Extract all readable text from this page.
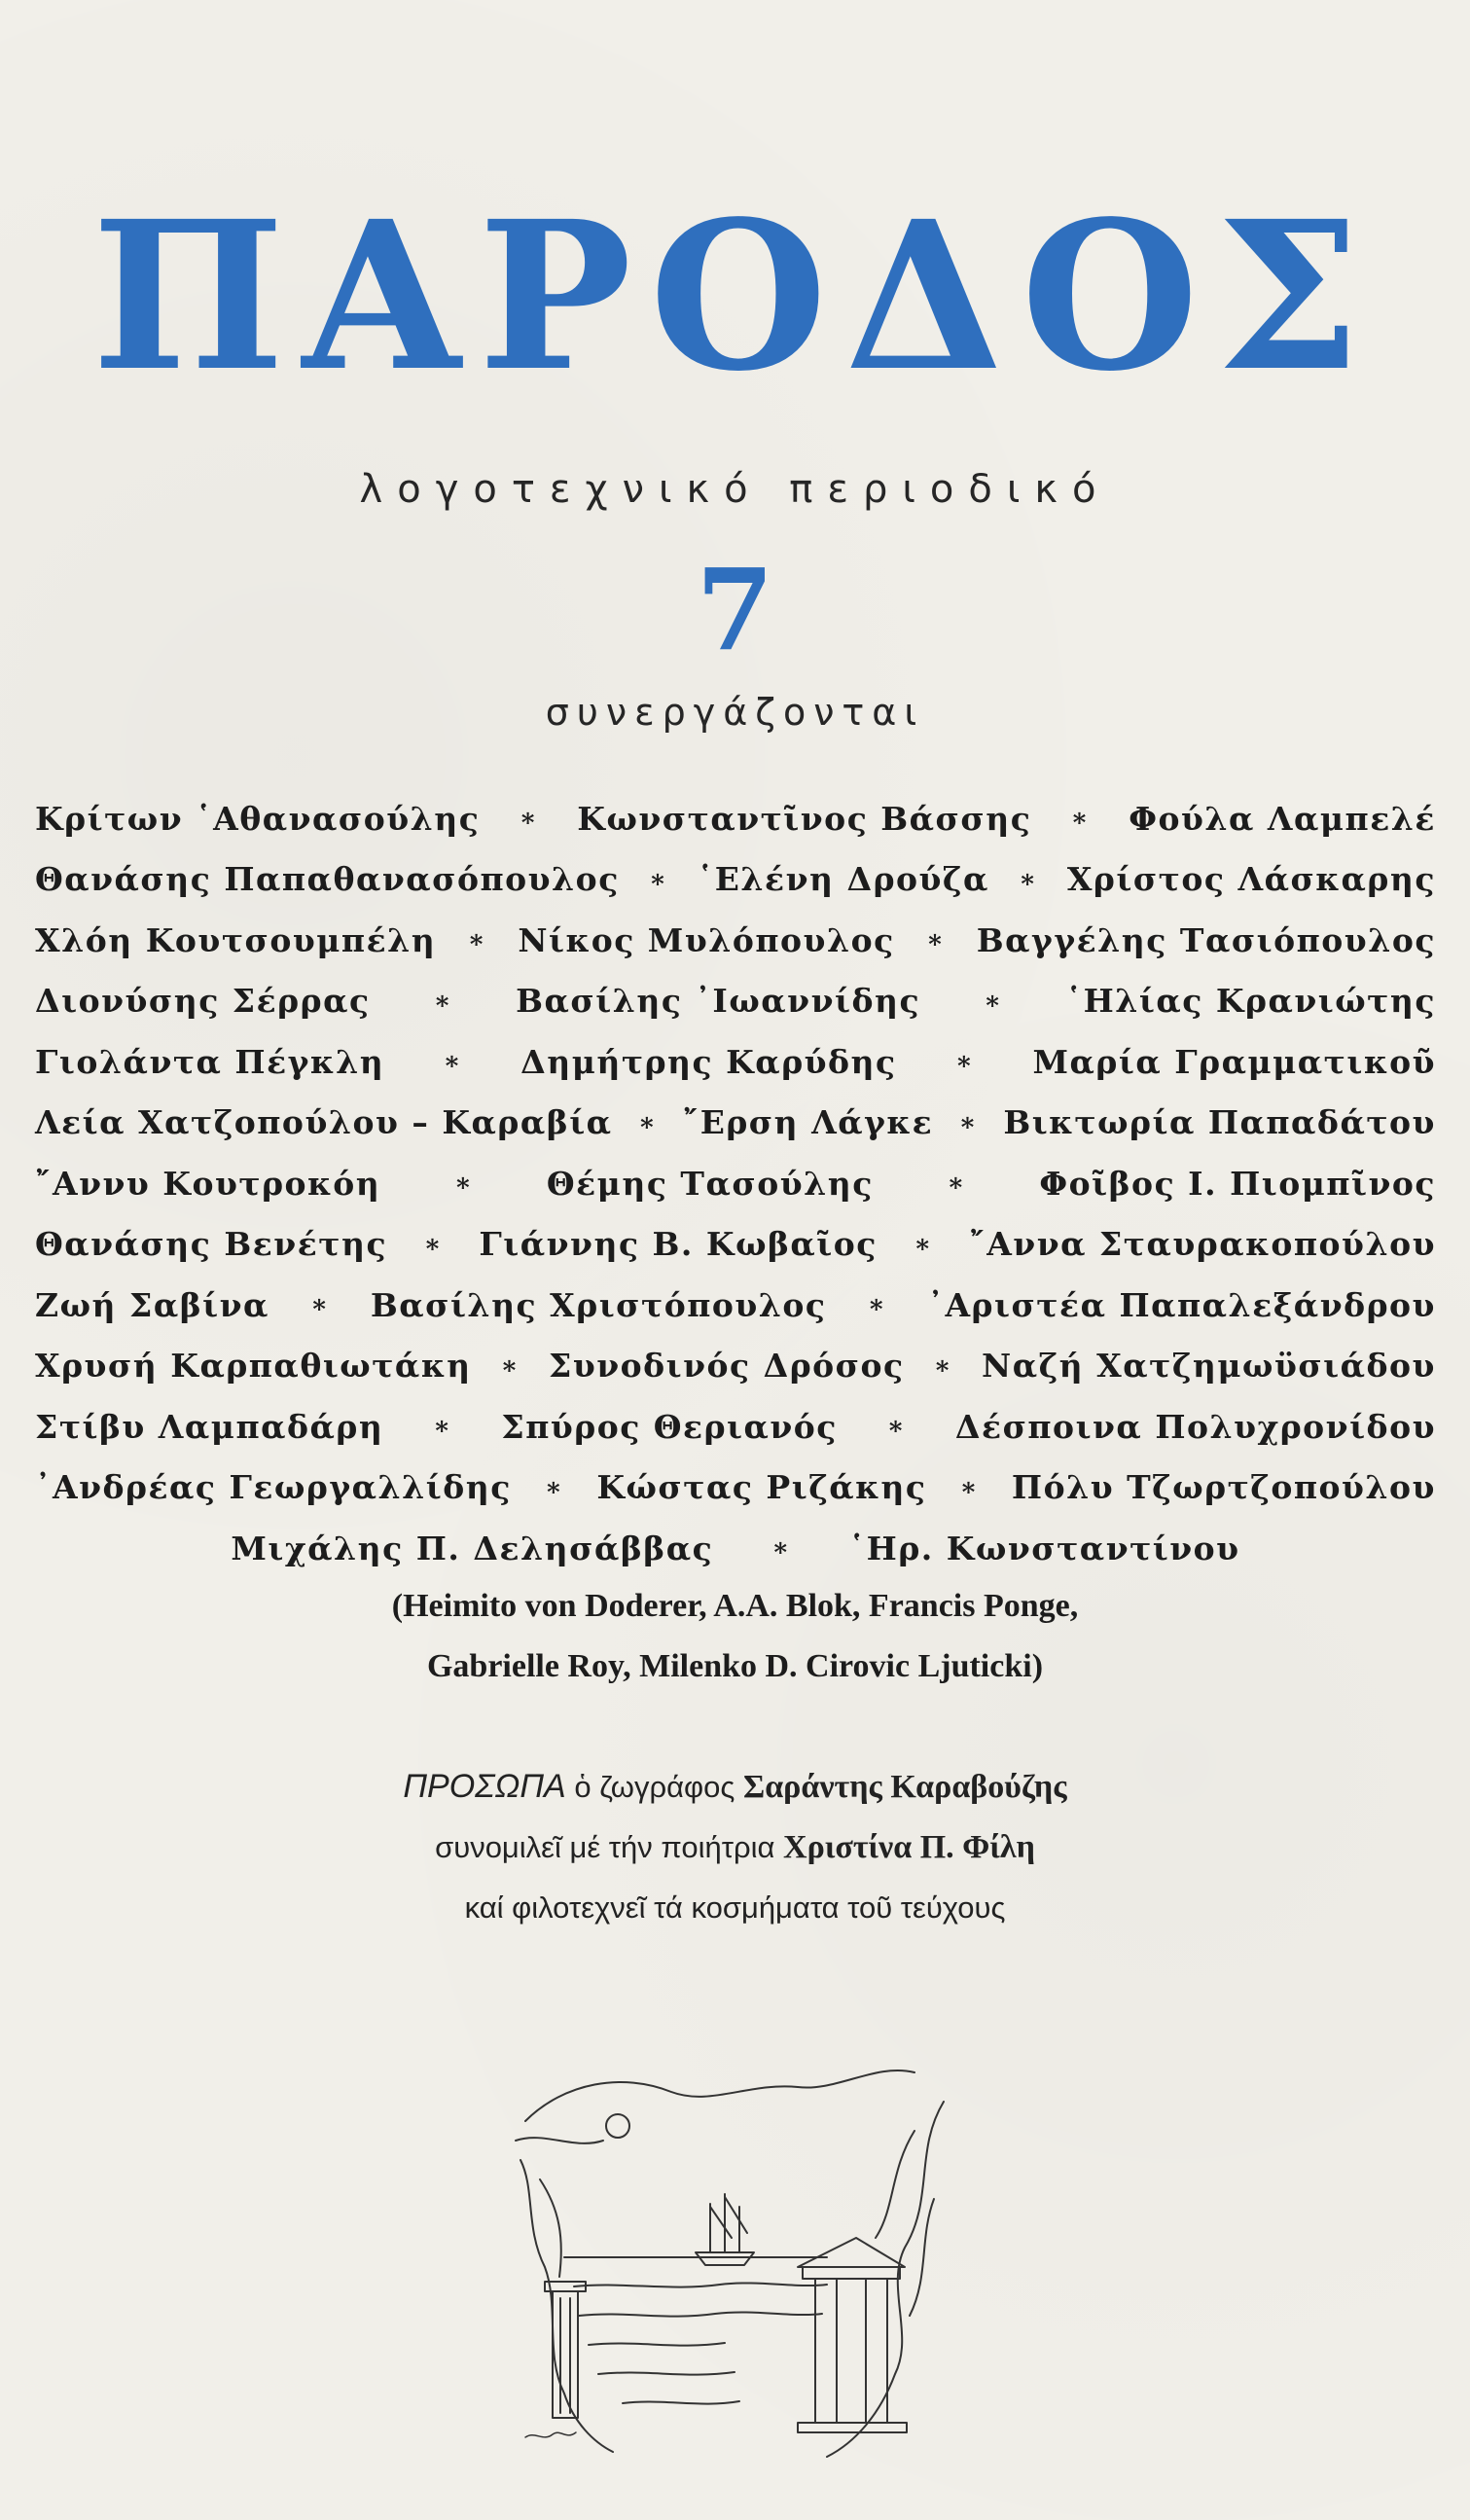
ΠΑΡΟΔΟΣ
λογοτεχνικό περιοδικό
7
συνεργάζονται
Κρίτων ῾Αθανασούλης ∗ Κωνσταντῖνος Βάσσης ∗ Φούλα Λαμπελέ
Θανάσης Παπαθανασόπουλος ∗ ῾Ελένη Δρούζα ∗ Χρίστος Λάσκαρης
Χλόη Κουτσουμπέλη ∗ Νίκος Μυλόπουλος ∗ Βαγγέλης Τασιόπουλος
Διονύσης Σέρρας	∗ Βασίλης ᾿Ιωαννίδης	∗ ῾Ηλίας Κρανιώτης
Γιολάντα Πέγκλη ∗ Δημήτρης Καρύδης ∗ Μαρία Γραμματικοῦ
Λεία Χατζοπούλου – Καραβία ∗ ῎Ερση Λάγκε ∗ Βικτωρία Παπαδάτου
῎Αννυ Κουτροκόη	∗ Θέμης Τασούλης	∗ Φοῖβος Ι. Πιομπῖνος
Θανάσης Βενέτης ∗ Γιάννης Β. Κωβαῖος ∗ ῎Αννα Σταυρακοπούλου
Ζωή Σαβίνα ∗ Βασίλης Χριστόπουλος ∗ ᾿Αριστέα Παπαλεξάνδρου
Χρυσή Καρπαθιωτάκη ∗ Συνοδινός Δρόσος ∗ Ναζή Χατζημωϋσιάδου
Στίβυ Λαμπαδάρη ∗ Σπύρος Θεριανός ∗ Δέσποινα Πολυχρονίδου
᾿Ανδρέας Γεωργαλλίδης ∗ Κώστας Ριζάκης ∗ Πόλυ Τζωρτζοπούλου
Μιχάλης Π. Δελησάββας ∗ ῾Ηρ. Κωνσταντίνου
(Heimito von Doderer, A.A. Blok, Francis Ponge,
Gabrielle Roy, Milenko D. Cirovic Ljuticki)
ΠΡΟΣΩΠΑ ὁ ζωγράφος Σαράντης Καραβούζης
συνομιλεῖ μέ τήν ποιήτρια Χριστίνα Π. Φίλη
καί φιλοτεχνεῖ τά κοσμήματα τοῦ τεύχους
